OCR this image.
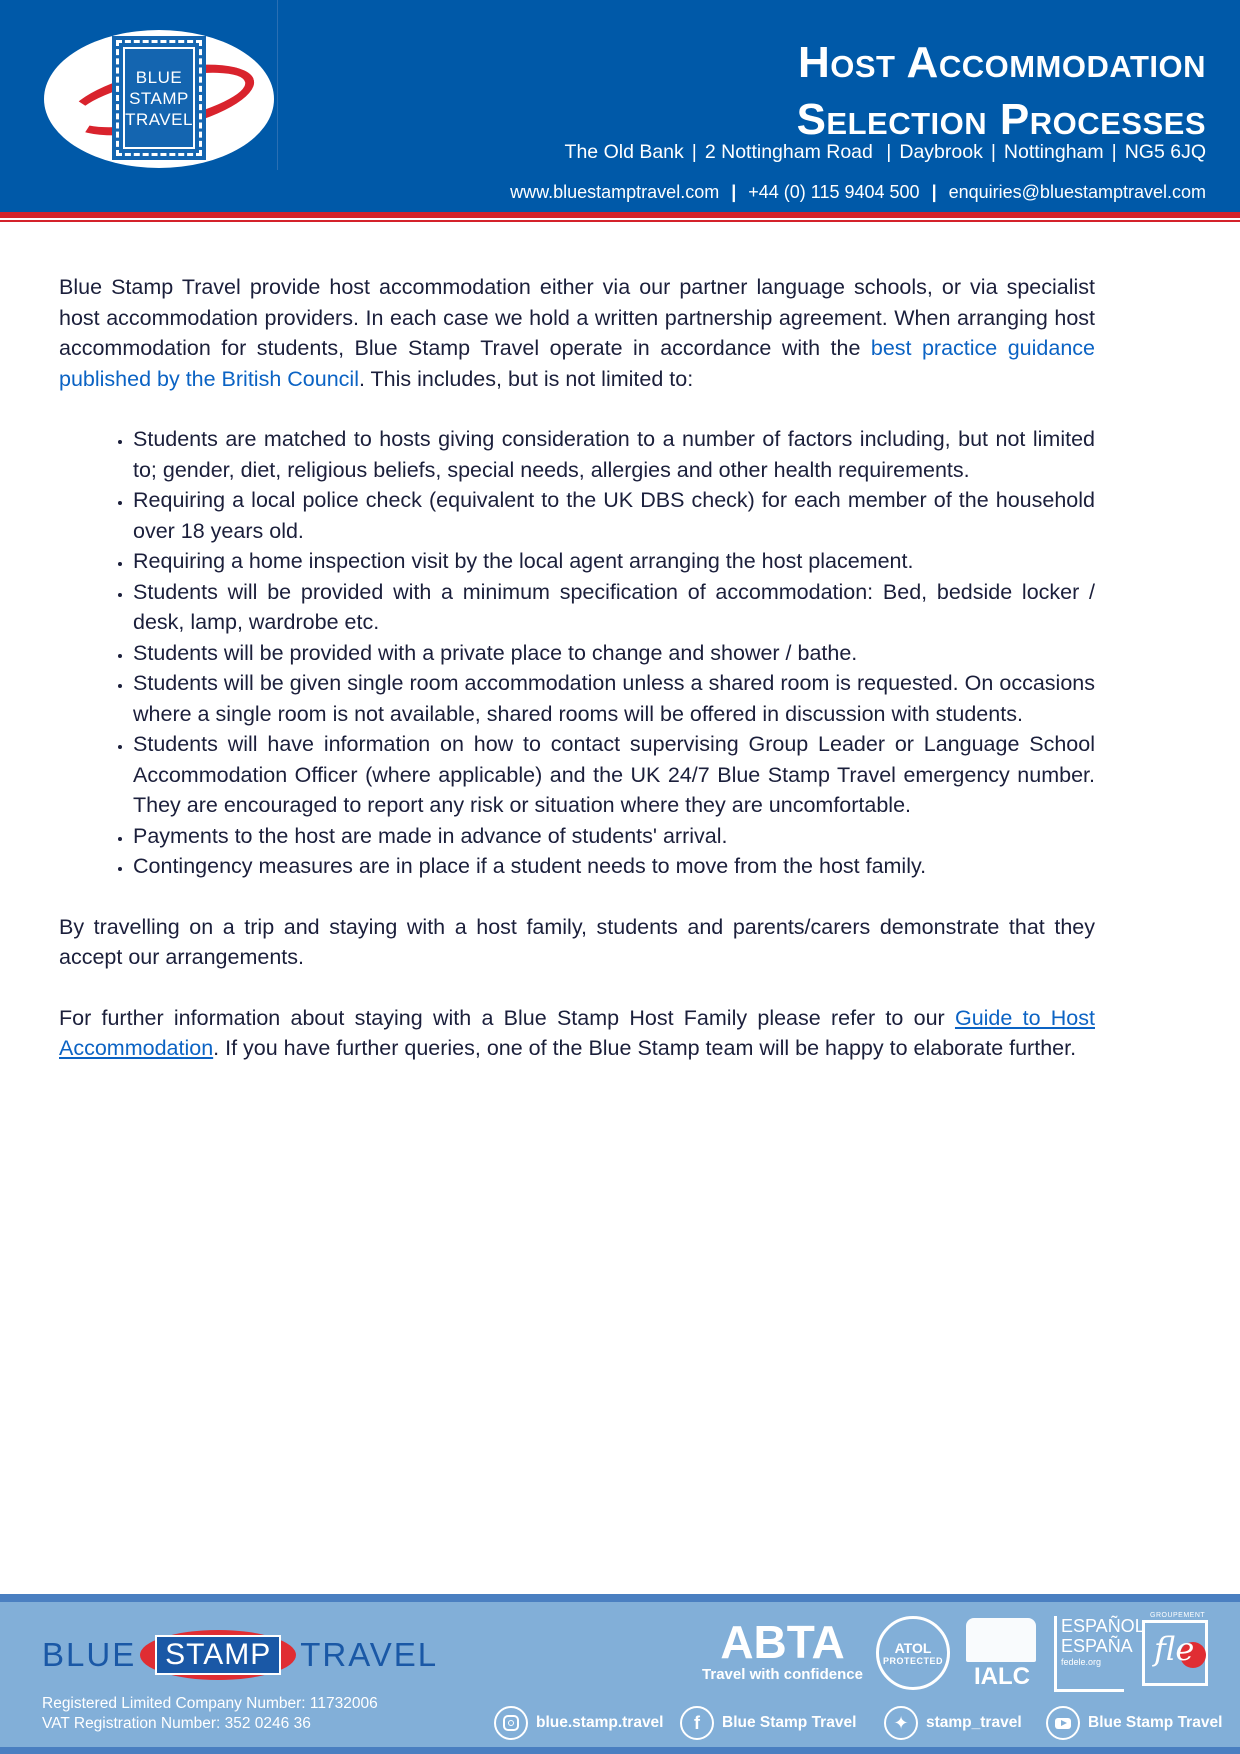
BLUE
STAMP
TRAVEL
Host Accommodation
Selection Processes
The Old Bank | 2 Nottingham Road | Daybrook | Nottingham | NG5 6JQ
www.bluestamptravel.com | +44 (0) 115 9404 500 | enquiries@bluestamptravel.com

Blue Stamp Travel provide host accommodation either via our partner language schools, or via specialist host accommodation providers. In each case we hold a written partnership agreement. When arranging host accommodation for students, Blue Stamp Travel operate in accordance with the best practice guidance published by the British Council. This includes, but is not limited to:

• Students are matched to hosts giving consideration to a number of factors including, but not limited to; gender, diet, religious beliefs, special needs, allergies and other health requirements.
• Requiring a local police check (equivalent to the UK DBS check) for each member of the household over 18 years old.
• Requiring a home inspection visit by the local agent arranging the host placement.
• Students will be provided with a minimum specification of accommodation: Bed, bedside locker / desk, lamp, wardrobe etc.
• Students will be provided with a private place to change and shower / bathe.
• Students will be given single room accommodation unless a shared room is requested. On occasions where a single room is not available, shared rooms will be offered in discussion with students.
• Students will have information on how to contact supervising Group Leader or Language School Accommodation Officer (where applicable) and the UK 24/7 Blue Stamp Travel emergency number. They are encouraged to report any risk or situation where they are uncomfortable.
• Payments to the host are made in advance of students' arrival.
• Contingency measures are in place if a student needs to move from the host family.

By travelling on a trip and staying with a host family, students and parents/carers demonstrate that they accept our arrangements.

For further information about staying with a Blue Stamp Host Family please refer to our Guide to Host Accommodation. If you have further queries, one of the Blue Stamp team will be happy to elaborate further.

BLUE STAMP TRAVEL
Registered Limited Company Number: 11732006
VAT Registration Number: 352 0246 36
ABTA
Travel with confidence
ATOL
PROTECTED
IALC
ESPAÑOL
ESPAÑA
fedele.org
GROUPEMENT
fle
blue.stamp.travel	f	Blue Stamp Travel	✦	stamp_travel	Blue Stamp Travel
